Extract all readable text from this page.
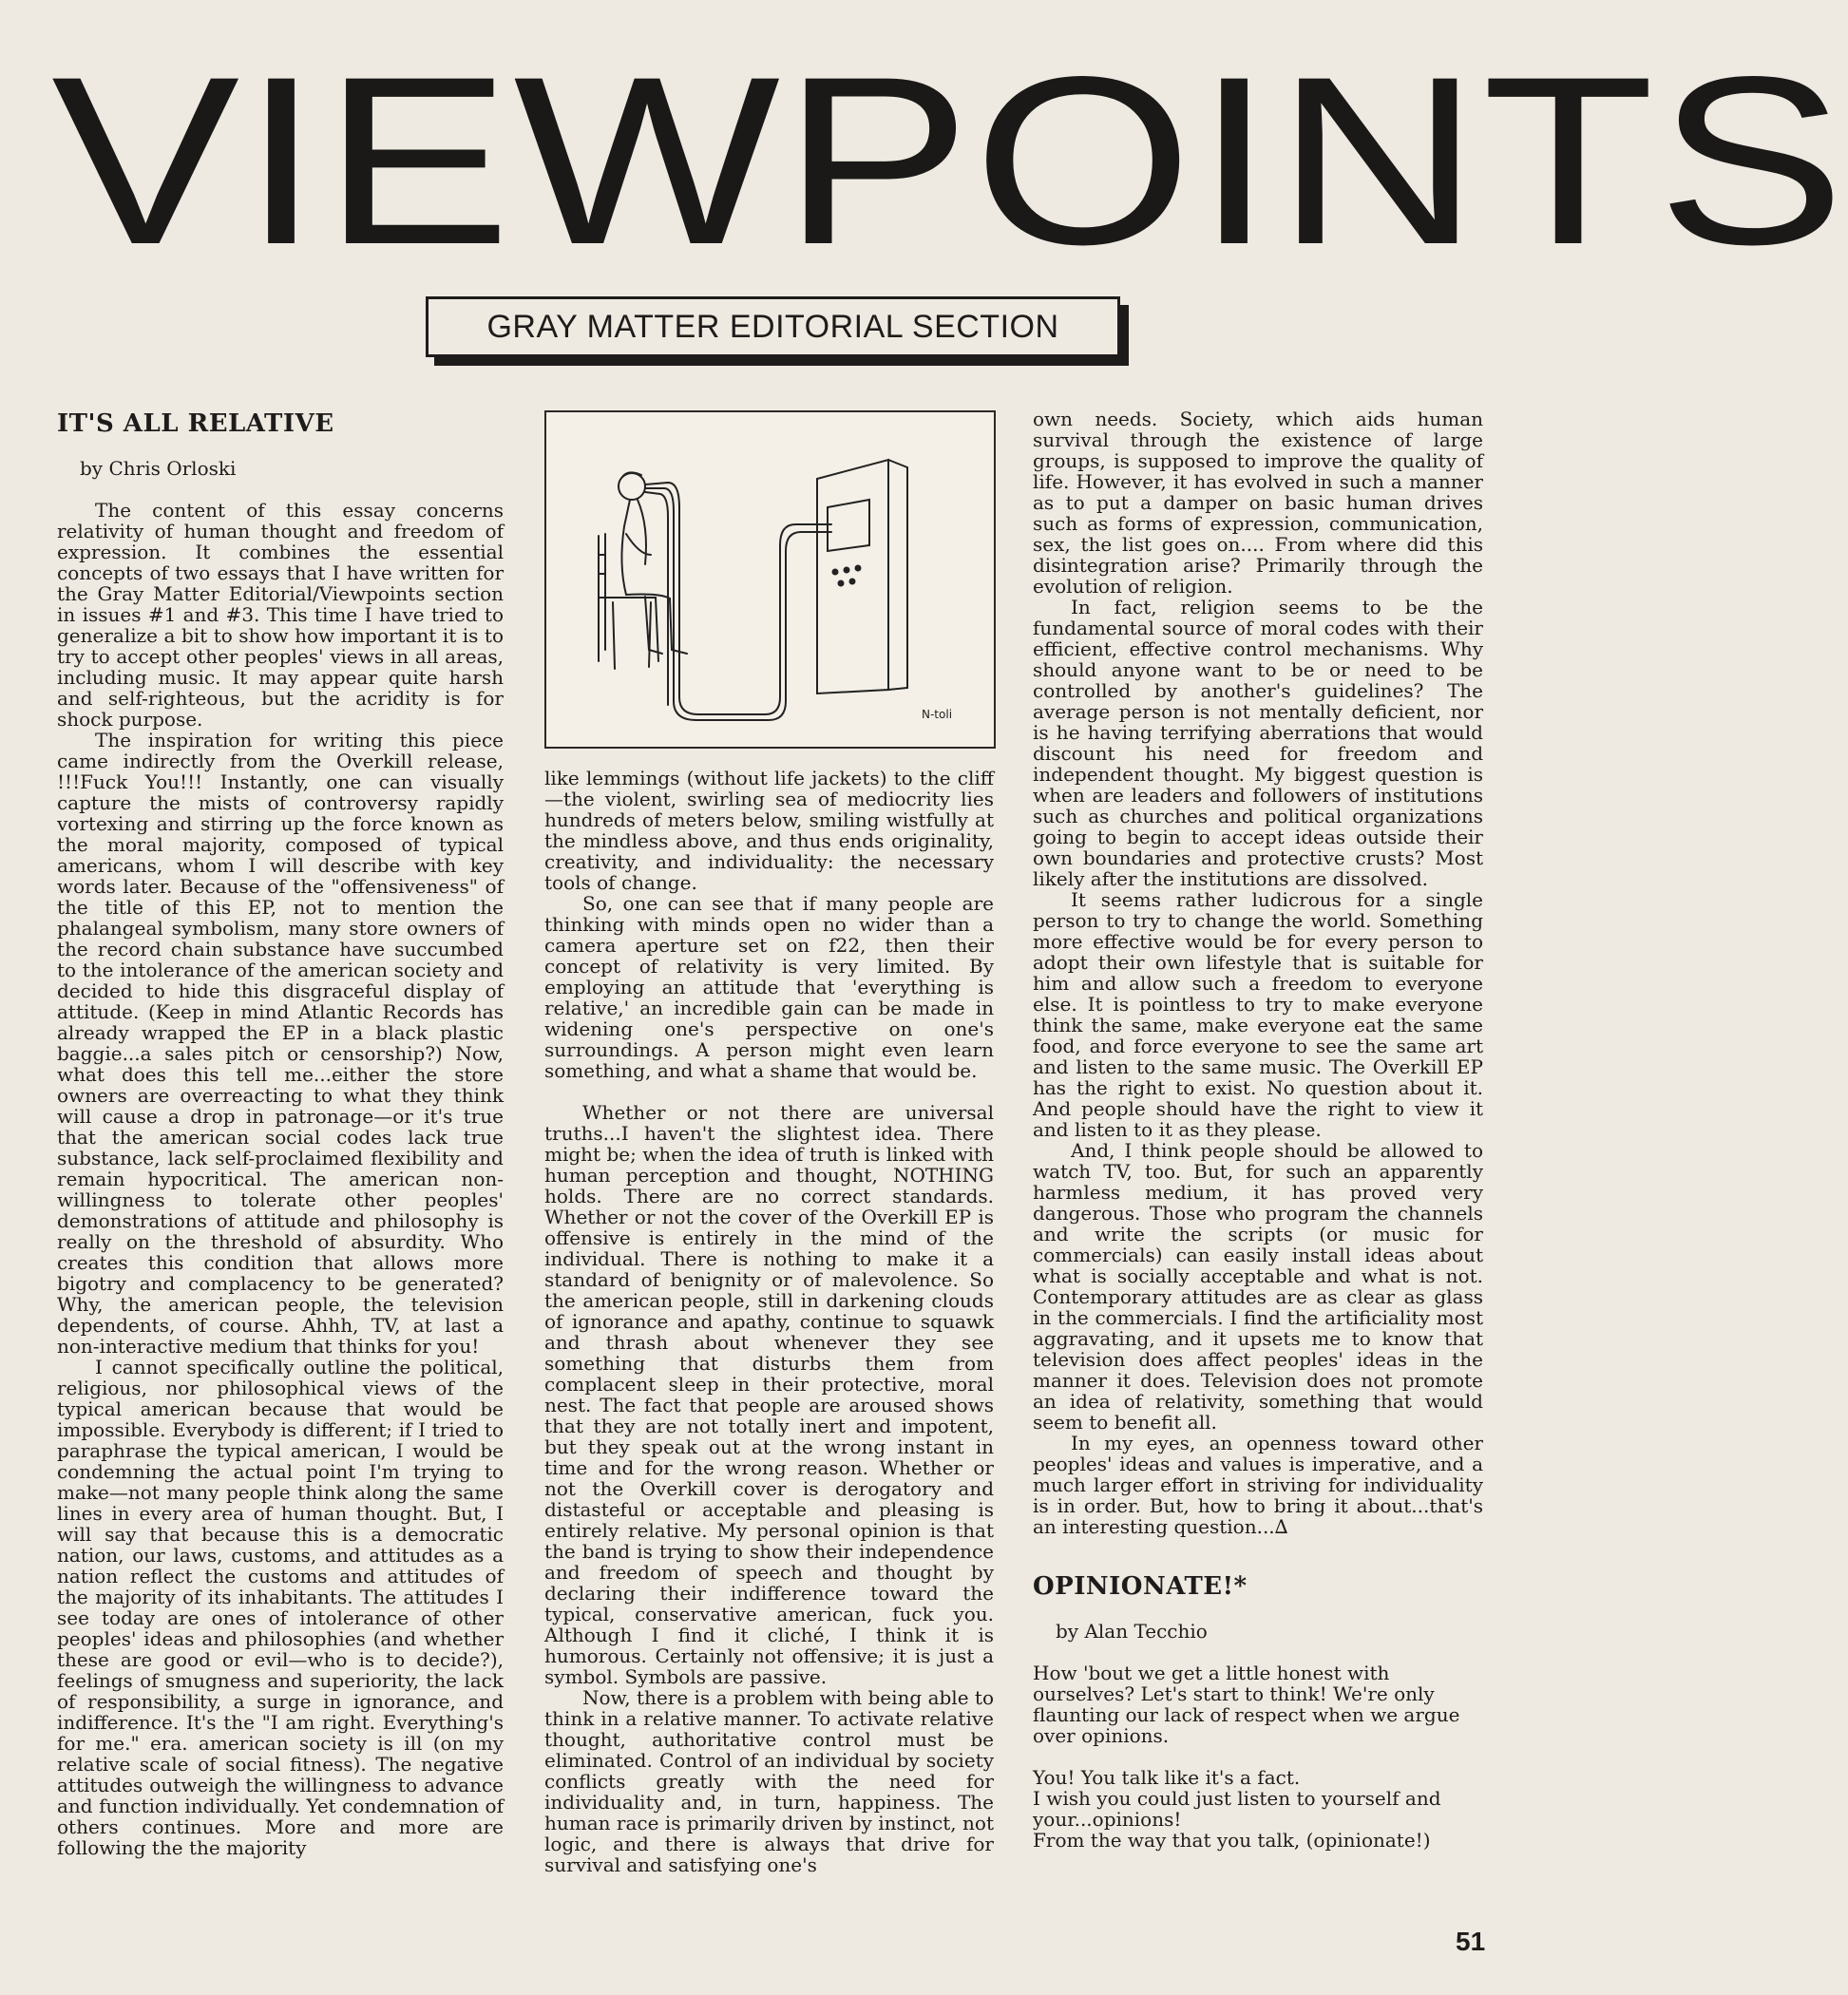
VIEWPOINTS
GRAY MATTER EDITORIAL SECTION
IT'S ALL RELATIVE
by Chris Orloski

The content of this essay concerns relativity of human thought and freedom of expression. It combines the essential concepts of two essays that I have written for the Gray Matter Editorial/Viewpoints section in issues #1 and #3. This time I have tried to generalize a bit to show how important it is to try to accept other peoples' views in all areas, including music. It may appear quite harsh and self-righteous, but the acridity is for shock purpose.

The inspiration for writing this piece came indirectly from the Overkill release, !!!Fuck You!!! Instantly, one can visually capture the mists of controversy rapidly vortexing and stirring up the force known as the moral majority, composed of typical americans, whom I will describe with key words later. Because of the "offensiveness" of the title of this EP, not to mention the phalangeal symbolism, many store owners of the record chain substance have succumbed to the intolerance of the american society and decided to hide this disgraceful display of attitude. (Keep in mind Atlantic Records has already wrapped the EP in a black plastic baggie...a sales pitch or censorship?) Now, what does this tell me...either the store owners are overreacting to what they think will cause a drop in patronage—or it's true that the american social codes lack true substance, lack self-proclaimed flexibility and remain hypocritical. The american non-willingness to tolerate other peoples' demonstrations of attitude and philosophy is really on the threshold of absurdity. Who creates this condition that allows more bigotry and complacency to be generated? Why, the american people, the television dependents, of course. Ahhh, TV, at last a non-interactive medium that thinks for you!

I cannot specifically outline the political, religious, nor philosophical views of the typical american because that would be impossible. Everybody is different; if I tried to paraphrase the typical american, I would be condemning the actual point I'm trying to make—not many people think along the same lines in every area of human thought. But, I will say that because this is a democratic nation, our laws, customs, and attitudes as a nation reflect the customs and attitudes of the majority of its inhabitants. The attitudes I see today are ones of intolerance of other peoples' ideas and philosophies (and whether these are good or evil—who is to decide?), feelings of smugness and superiority, the lack of responsibility, a surge in ignorance, and indifference. It's the "I am right. Everything's for me." era. american society is ill (on my relative scale of social fitness). The negative attitudes outweigh the willingness to advance and function individually. Yet condemnation of others continues. More and more are following the the majority

N-toli

like lemmings (without life jackets) to the cliff—the violent, swirling sea of mediocrity lies hundreds of meters below, smiling wistfully at the mindless above, and thus ends originality, creativity, and individuality: the necessary tools of change.

So, one can see that if many people are thinking with minds open no wider than a camera aperture set on f22, then their concept of relativity is very limited. By employing an attitude that 'everything is relative,' an incredible gain can be made in widening one's perspective on one's surroundings. A person might even learn something, and what a shame that would be.

Whether or not there are universal truths...I haven't the slightest idea. There might be; when the idea of truth is linked with human perception and thought, NOTHING holds. There are no correct standards. Whether or not the cover of the Overkill EP is offensive is entirely in the mind of the individual. There is nothing to make it a standard of benignity or of malevolence. So the american people, still in darkening clouds of ignorance and apathy, continue to squawk and thrash about whenever they see something that disturbs them from complacent sleep in their protective, moral nest. The fact that people are aroused shows that they are not totally inert and impotent, but they speak out at the wrong instant in time and for the wrong reason. Whether or not the Overkill cover is derogatory and distasteful or acceptable and pleasing is entirely relative. My personal opinion is that the band is trying to show their independence and freedom of speech and thought by declaring their indifference toward the typical, conservative american, fuck you. Although I find it cliché, I think it is humorous. Certainly not offensive; it is just a symbol. Symbols are passive.

Now, there is a problem with being able to think in a relative manner. To activate relative thought, authoritative control must be eliminated. Control of an individual by society conflicts greatly with the need for individuality and, in turn, happiness. The human race is primarily driven by instinct, not logic, and there is always that drive for survival and satisfying one's

own needs. Society, which aids human survival through the existence of large groups, is supposed to improve the quality of life. However, it has evolved in such a manner as to put a damper on basic human drives such as forms of expression, communication, sex, the list goes on.... From where did this disintegration arise? Primarily through the evolution of religion.

In fact, religion seems to be the fundamental source of moral codes with their efficient, effective control mechanisms. Why should anyone want to be or need to be controlled by another's guidelines? The average person is not mentally deficient, nor is he having terrifying aberrations that would discount his need for freedom and independent thought. My biggest question is when are leaders and followers of institutions such as churches and political organizations going to begin to accept ideas outside their own boundaries and protective crusts? Most likely after the institutions are dissolved.

It seems rather ludicrous for a single person to try to change the world. Something more effective would be for every person to adopt their own lifestyle that is suitable for him and allow such a freedom to everyone else. It is pointless to try to make everyone think the same, make everyone eat the same food, and force everyone to see the same art and listen to the same music. The Overkill EP has the right to exist. No question about it. And people should have the right to view it and listen to it as they please.

And, I think people should be allowed to watch TV, too. But, for such an apparently harmless medium, it has proved very dangerous. Those who program the channels and write the scripts (or music for commercials) can easily install ideas about what is socially acceptable and what is not. Contemporary attitudes are as clear as glass in the commercials. I find the artificiality most aggravating, and it upsets me to know that television does affect peoples' ideas in the manner it does. Television does not promote an idea of relativity, something that would seem to benefit all.

In my eyes, an openness toward other peoples' ideas and values is imperative, and a much larger effort in striving for individuality is in order. But, how to bring it about...that's an interesting question...∆

OPINIONATE!*
by Alan Tecchio

How 'bout we get a little honest with ourselves? Let's start to think! We're only flaunting our lack of respect when we argue over opinions.

You! You talk like it's a fact.

I wish you could just listen to yourself and your...opinions!

From the way that you talk, (opinionate!)

51
